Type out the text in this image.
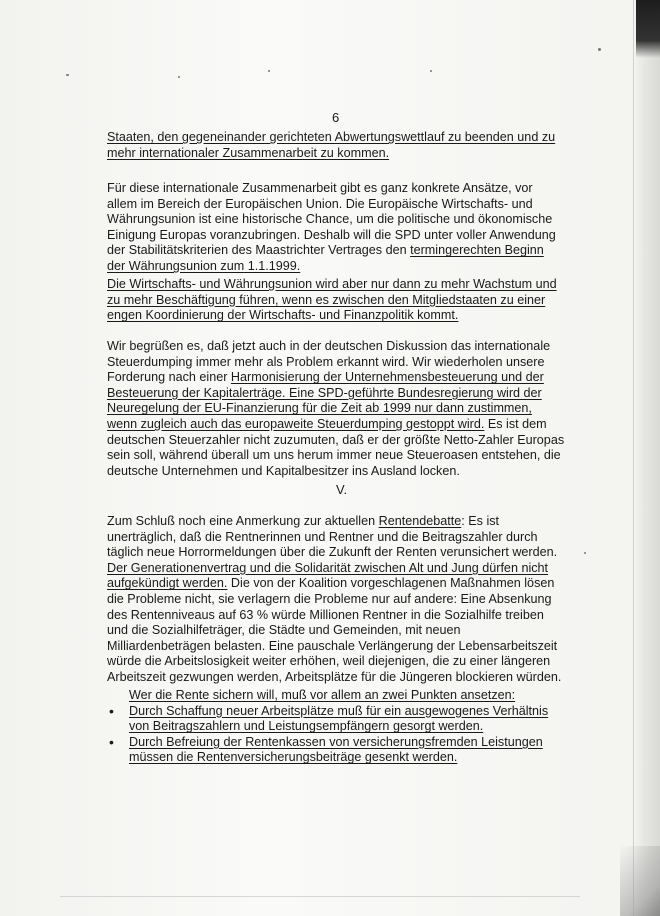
6

Staaten, den gegeneinander gerichteten Abwertungswettlauf zu beenden und zu
mehr internationaler Zusammenarbeit zu kommen.

Für diese internationale Zusammenarbeit gibt es ganz konkrete Ansätze, vor
allem im Bereich der Europäischen Union. Die Europäische Wirtschafts- und
Währungsunion ist eine historische Chance, um die politische und ökonomische
Einigung Europas voranzubringen. Deshalb will die SPD unter voller Anwendung
der Stabilitätskriterien des Maastrichter Vertrages den termingerechten Beginn
der Währungsunion zum 1.1.1999.

Die Wirtschafts- und Währungsunion wird aber nur dann zu mehr Wachstum und
zu mehr Beschäftigung führen, wenn es zwischen den Mitgliedstaaten zu einer
engen Koordinierung der Wirtschafts- und Finanzpolitik kommt.

Wir begrüßen es, daß jetzt auch in der deutschen Diskussion das internationale
Steuerdumping immer mehr als Problem erkannt wird. Wir wiederholen unsere
Forderung nach einer Harmonisierung der Unternehmensbesteuerung und der
Besteuerung der Kapitalerträge. Eine SPD-geführte Bundesregierung wird der
Neuregelung der EU-Finanzierung für die Zeit ab 1999 nur dann zustimmen,
wenn zugleich auch das europaweite Steuerdumping gestoppt wird. Es ist dem
deutschen Steuerzahler nicht zuzumuten, daß er der größte Netto-Zahler Europas
sein soll, während überall um uns herum immer neue Steueroasen entstehen, die
deutsche Unternehmen und Kapitalbesitzer ins Ausland locken.

V.

Zum Schluß noch eine Anmerkung zur aktuellen Rentendebatte: Es ist
unerträglich, daß die Rentnerinnen und Rentner und die Beitragszahler durch
täglich neue Horrormeldungen über die Zukunft der Renten verunsichert werden.
Der Generationenvertrag und die Solidarität zwischen Alt und Jung dürfen nicht
aufgekündigt werden. Die von der Koalition vorgeschlagenen Maßnahmen lösen
die Probleme nicht, sie verlagern die Probleme nur auf andere: Eine Absenkung
des Rentenniveaus auf 63 % würde Millionen Rentner in die Sozialhilfe treiben
und die Sozialhilfeträger, die Städte und Gemeinden, mit neuen
Milliardenbeträgen belasten. Eine pauschale Verlängerung der Lebensarbeitszeit
würde die Arbeitslosigkeit weiter erhöhen, weil diejenigen, die zu einer längeren
Arbeitszeit gezwungen werden, Arbeitsplätze für die Jüngeren blockieren würden.

Wer die Rente sichern will, muß vor allem an zwei Punkten ansetzen:
• Durch Schaffung neuer Arbeitsplätze muß für ein ausgewogenes Verhältnis
von Beitragszahlern und Leistungsempfängern gesorgt werden.
• Durch Befreiung der Rentenkassen von versicherungsfremden Leistungen
müssen die Rentenversicherungsbeiträge gesenkt werden.
